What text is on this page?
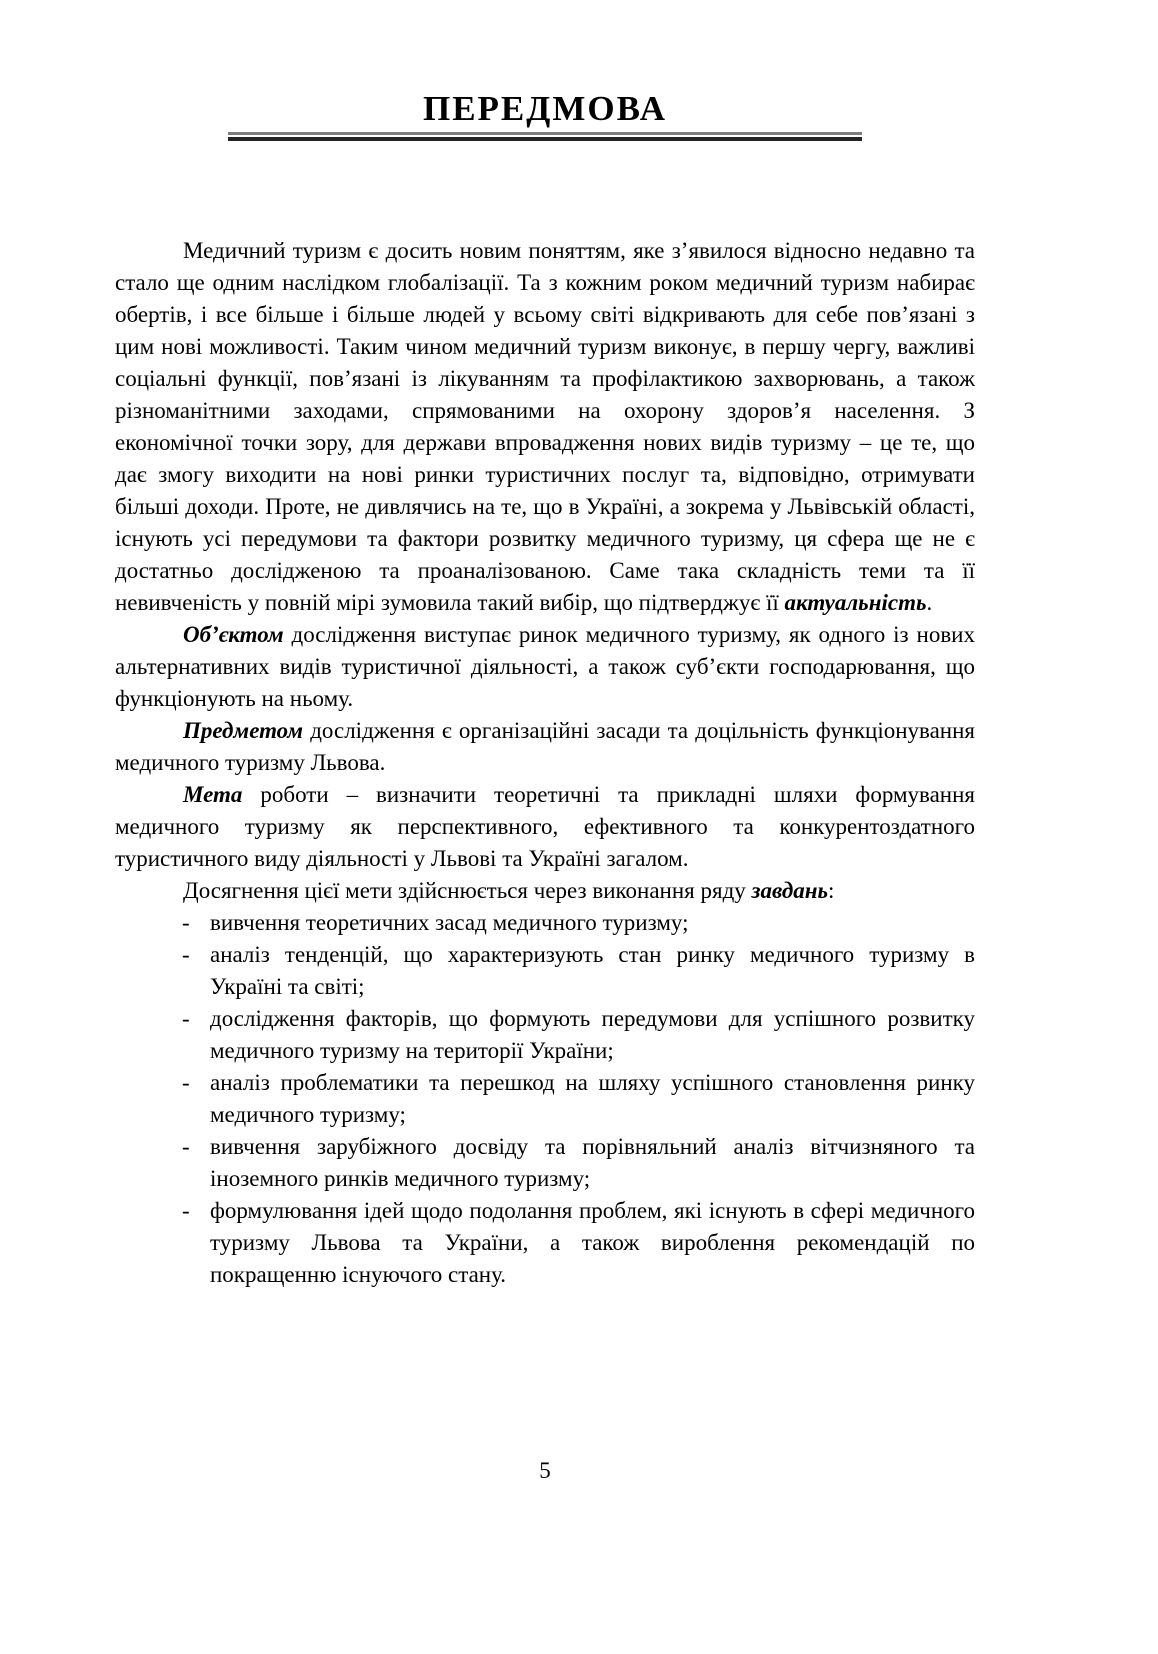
ПЕРЕДМОВА

Медичний туризм є досить новим поняттям, яке з’явилося відносно недавно та стало ще одним наслідком глобалізації. Та з кожним роком медичний туризм набирає обертів, і все більше і більше людей у всьому світі відкривають для себе пов’язані з цим нові можливості. Таким чином медичний туризм виконує, в першу чергу, важливі соціальні функції, пов’язані із лікуванням та профілактикою захворювань, а також різноманітними заходами, спрямованими на охорону здоров’я населення. З економічної точки зору, для держави впровадження нових видів туризму – це те, що дає змогу виходити на нові ринки туристичних послуг та, відповідно, отримувати більші доходи. Проте, не дивлячись на те, що в Україні, а зокрема у Львівській області, існують усі передумови та фактори розвитку медичного туризму, ця сфера ще не є достатньо дослідженою та проаналізованою. Саме така складність теми та її невивченість у повній мірі зумовила такий вибір, що підтверджує її актуальність.

Об’єктом дослідження виступає ринок медичного туризму, як одного із нових альтернативних видів туристичної діяльності, а також суб’єкти господарювання, що функціонують на ньому.

Предметом дослідження є організаційні засади та доцільність функціонування медичного туризму Львова.

Мета роботи – визначити теоретичні та прикладні шляхи формування медичного туризму як перспективного, ефективного та конкурентоздатного туристичного виду діяльності у Львові та Україні загалом.

Досягнення цієї мети здійснюється через виконання ряду завдань:

- вивчення теоретичних засад медичного туризму;
- аналіз тенденцій, що характеризують стан ринку медичного туризму в Україні та світі;
- дослідження факторів, що формують передумови для успішного розвитку медичного туризму на території України;
- аналіз проблематики та перешкод на шляху успішного становлення ринку медичного туризму;
- вивчення зарубіжного досвіду та порівняльний аналіз вітчизняного та іноземного ринків медичного туризму;
- формулювання ідей щодо подолання проблем, які існують в сфері медичного туризму Львова та України, а також вироблення рекомендацій по покращенню існуючого стану.
5
